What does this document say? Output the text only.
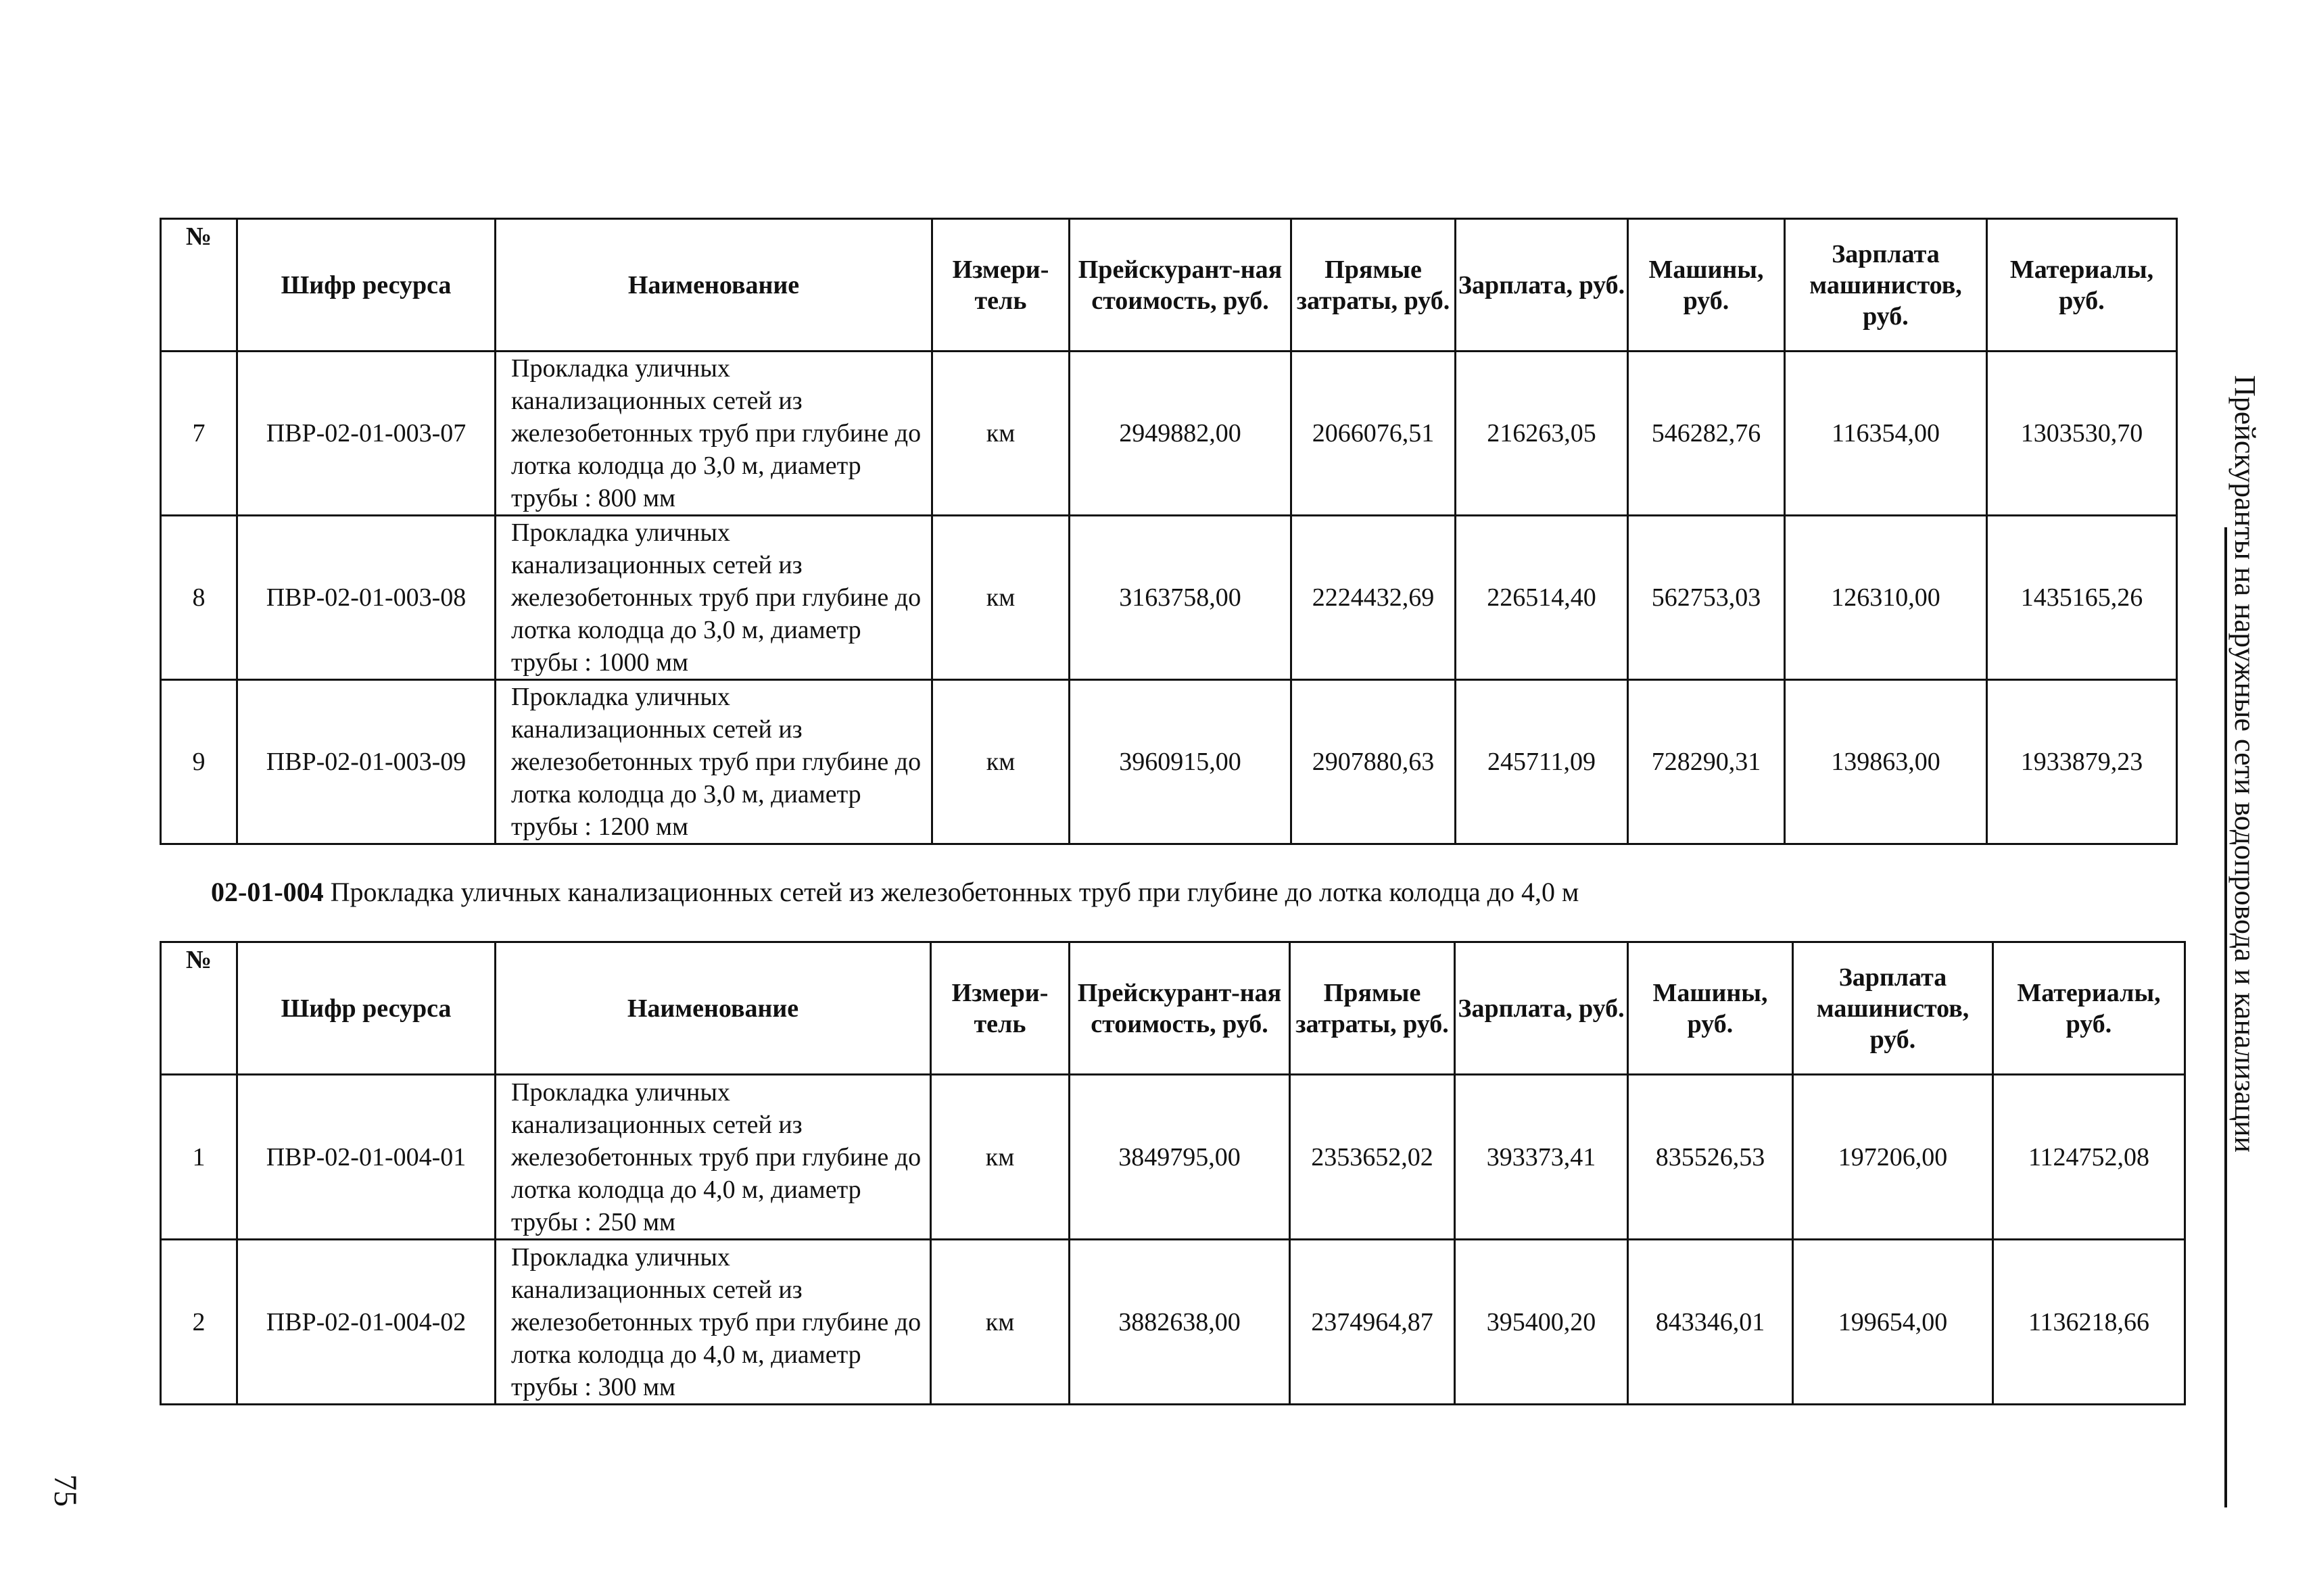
№	Шифр ресурса	Наименование	Измери-тель	Прейскурант-ная стоимость, руб.	Прямые затраты, руб.	Зарплата, руб.	Машины, руб.	Зарплата машинистов, руб.	Материалы, руб.
7	ПВР-02-01-003-07	Прокладка уличных канализационных сетей из железобетонных труб при глубине до лотка колодца до 3,0 м, диаметр трубы : 800 мм	км	2949882,00	2066076,51	216263,05	546282,76	116354,00	1303530,70
8	ПВР-02-01-003-08	Прокладка уличных канализационных сетей из железобетонных труб при глубине до лотка колодца до 3,0 м, диаметр трубы : 1000 мм	км	3163758,00	2224432,69	226514,40	562753,03	126310,00	1435165,26
9	ПВР-02-01-003-09	Прокладка уличных канализационных сетей из железобетонных труб при глубине до лотка колодца до 3,0 м, диаметр трубы : 1200 мм	км	3960915,00	2907880,63	245711,09	728290,31	139863,00	1933879,23
02-01-004 Прокладка уличных канализационных сетей из железобетонных труб при глубине до лотка колодца до 4,0 м
№	Шифр ресурса	Наименование	Измери-тель	Прейскурант-ная стоимость, руб.	Прямые затраты, руб.	Зарплата, руб.	Машины, руб.	Зарплата машинистов, руб.	Материалы, руб.
1	ПВР-02-01-004-01	Прокладка уличных канализационных сетей из железобетонных труб при глубине до лотка колодца до 4,0 м, диаметр трубы : 250 мм	км	3849795,00	2353652,02	393373,41	835526,53	197206,00	1124752,08
2	ПВР-02-01-004-02	Прокладка уличных канализационных сетей из железобетонных труб при глубине до лотка колодца до 4,0 м, диаметр трубы : 300 мм	км	3882638,00	2374964,87	395400,20	843346,01	199654,00	1136218,66
Прейскуранты на наружные сети водопровода и канализации
75
